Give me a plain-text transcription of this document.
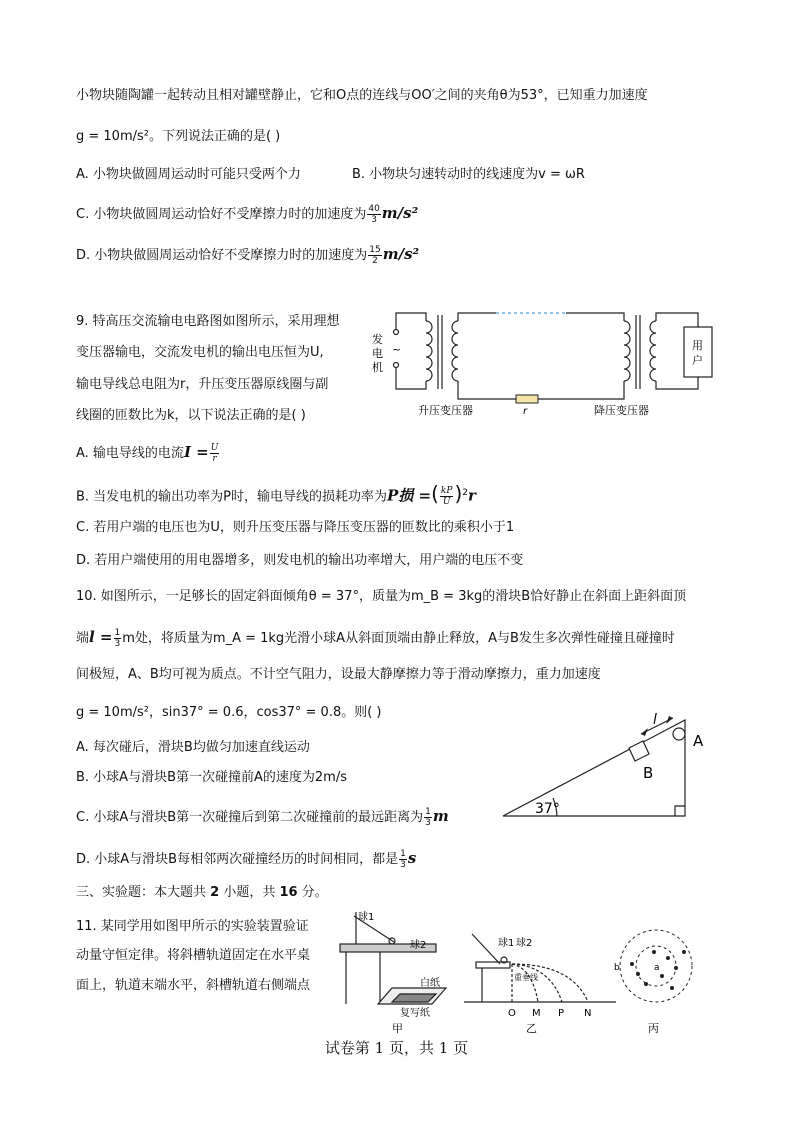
小物块随陶罐一起转动且相对罐壁静止，它和O点的连线与OO′之间的夹角θ为53°，已知重力加速度
g = 10m/s²。下列说法正确的是( )
A. 小物块做圆周运动时可能只受两个力	B. 小物块匀速转动时的线速度为v = ωR
C. 小物块做圆周运动恰好不受摩擦力时的加速度为 $\frac{40}{3} m/s^2$
D. 小物块做圆周运动恰好不受摩擦力时的加速度为 $\frac{15}{2} m/s^2$
9. 特高压交流输电电路图如图所示，采用理想
变压器输电，交流发电机的输出电压恒为U,
输电导线总电阻为r，升压变压器原线圈与副
线圈的匝数比为k，以下说法正确的是( )
发
电
机
~	用
户
升压变压器	r	降压变压器
A. 输电导线的电流$I = \frac{U}{r}$
B. 当发电机的输出功率为P时，输电导线的损耗功率为P损 =( $\frac{kP}{U} )^2r$
C. 若用户端的电压也为U，则升压变压器与降压变压器的匝数比的乘积小于1
D. 若用户端使用的用电器增多，则发电机的输出功率增大，用户端的电压不变
10. 如图所示，一足够长的固定斜面倾角θ = 37°，质量为m_B = 3kg的滑块B恰好静止在斜面上距斜面顶
端$l = \frac{1}{3}$ m处，将质量为m_A = 1kg光滑小球A从斜面顶端由静止释放，A与B发生多次弹性碰撞且碰撞时
间极短，A、B均可视为质点。不计空气阻力，设最大静摩擦力等于滑动摩擦力，重力加速度
g = 10m/s²，sin37° = 0.6，cos37° = 0.8。则( )
A. 每次碰后，滑块B均做匀加速直线运动
B. 小球A与滑块B第一次碰撞前A的速度为2m/s
C. 小球A与滑块B第一次碰撞后到第二次碰撞前的最远距离为 $\frac{1}{3}$ m
D. 小球A与滑块B每相邻两次碰撞经历的时间相同，都是 $\frac{1}{3}$ s
l
A
B
37°
三、实验题：本大题共 2 小题，共 16 分。
11. 某同学用如图甲所示的实验装置验证
动量守恒定律。将斜槽轨道固定在水平桌
面上，轨道末端水平，斜槽轨道右侧端点
球1
球2
白纸
复写纸
甲
球1 球2
重垂线
O M P N
乙
b	a
丙
试卷第 1 页，共 1 页
